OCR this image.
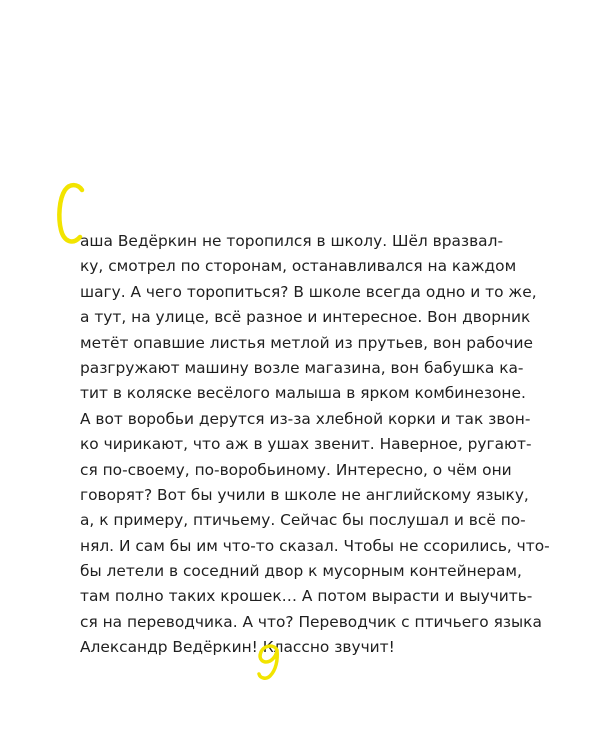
С
аша Ведёркин не торопился в школу. Шёл вразвал-
ку, смотрел по сторонам, останавливался на каждом
шагу. А чего торопиться? В школе всегда одно и то же,
а тут, на улице, всё разное и интересное. Вон дворник
метёт опавшие листья метлой из прутьев, вон рабочие
разгружают машину возле магазина, вон бабушка ка-
тит в коляске весёлого малыша в ярком комбинезоне.
А вот воробьи дерутся из-за хлебной корки и так звон-
ко чирикают, что аж в ушах звенит. Наверное, ругают-
ся по-своему, по-воробьиному. Интересно, о чём они
говорят? Вот бы учили в школе не английскому языку,
а, к примеру, птичьему. Сейчас бы послушал и всё по-
нял. И сам бы им что-то сказал. Чтобы не ссорились, что-
бы летели в соседний двор к мусорным контейнерам,
там полно таких крошек… А потом вырасти и выучить-
ся на переводчика. А что? Переводчик с птичьего языка
Александр Ведёркин! Классно звучит!
9
